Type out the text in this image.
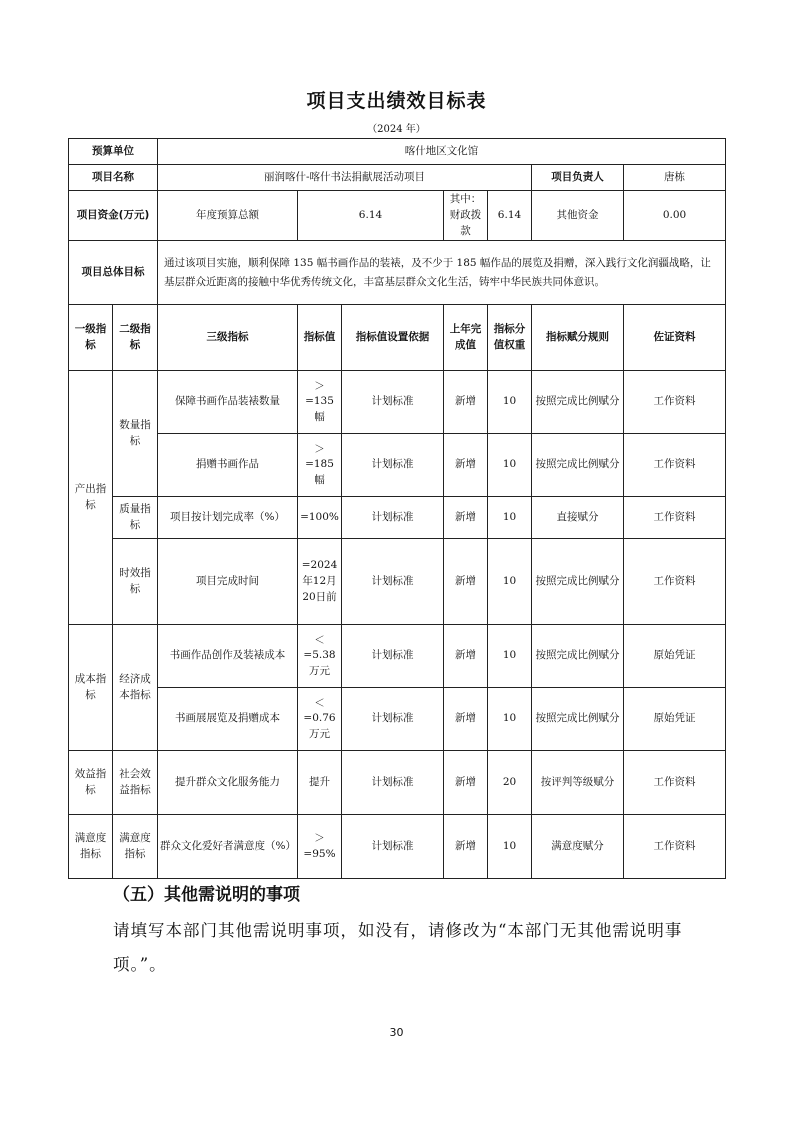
项目支出绩效目标表
（2024 年）
预算单位		喀什地区文化馆						
项目名称		丽润喀什-喀什书法捐献展活动项目					项目负责人	唐栋
项目资金(万元)		年度预算总额	6.14		其中：财政拨款	6.14	其他资金	0.00
项目总体目标		通过该项目实施，顺利保障 135 幅书画作品的装裱，及不少于 185 幅作品的展览及捐赠，深入践行文化润疆战略，让基层群众近距离的接触中华优秀传统文化，丰富基层群众文化生活，铸牢中华民族共同体意识。						
一级指标	二级指标	三级指标	指标值	指标值设置依据	上年完成值	指标分值权重	指标赋分规则	佐证资料
产出指标	数量指标	保障书画作品装裱数量	＞=135幅	计划标准	新增	10	按照完成比例赋分	工作资料
		捐赠书画作品	＞=185幅	计划标准	新增	10	按照完成比例赋分	工作资料
	质量指标	项目按计划完成率（%）	=100%	计划标准	新增	10	直接赋分	工作资料
	时效指标	项目完成时间	=2024年12月20日前	计划标准	新增	10	按照完成比例赋分	工作资料
成本指标	经济成本指标	书画作品创作及装裱成本	＜=5.38万元	计划标准	新增	10	按照完成比例赋分	原始凭证
		书画展展览及捐赠成本	＜=0.76万元	计划标准	新增	10	按照完成比例赋分	原始凭证
效益指标	社会效益指标	提升群众文化服务能力	提升	计划标准	新增	20	按评判等级赋分	工作资料
满意度指标	满意度指标	群众文化爱好者满意度（%）	＞=95%	计划标准	新增	10	满意度赋分	工作资料
（五）其他需说明的事项
请填写本部门其他需说明事项，如没有，请修改为“本部门无其他需说明事项。”。
30
